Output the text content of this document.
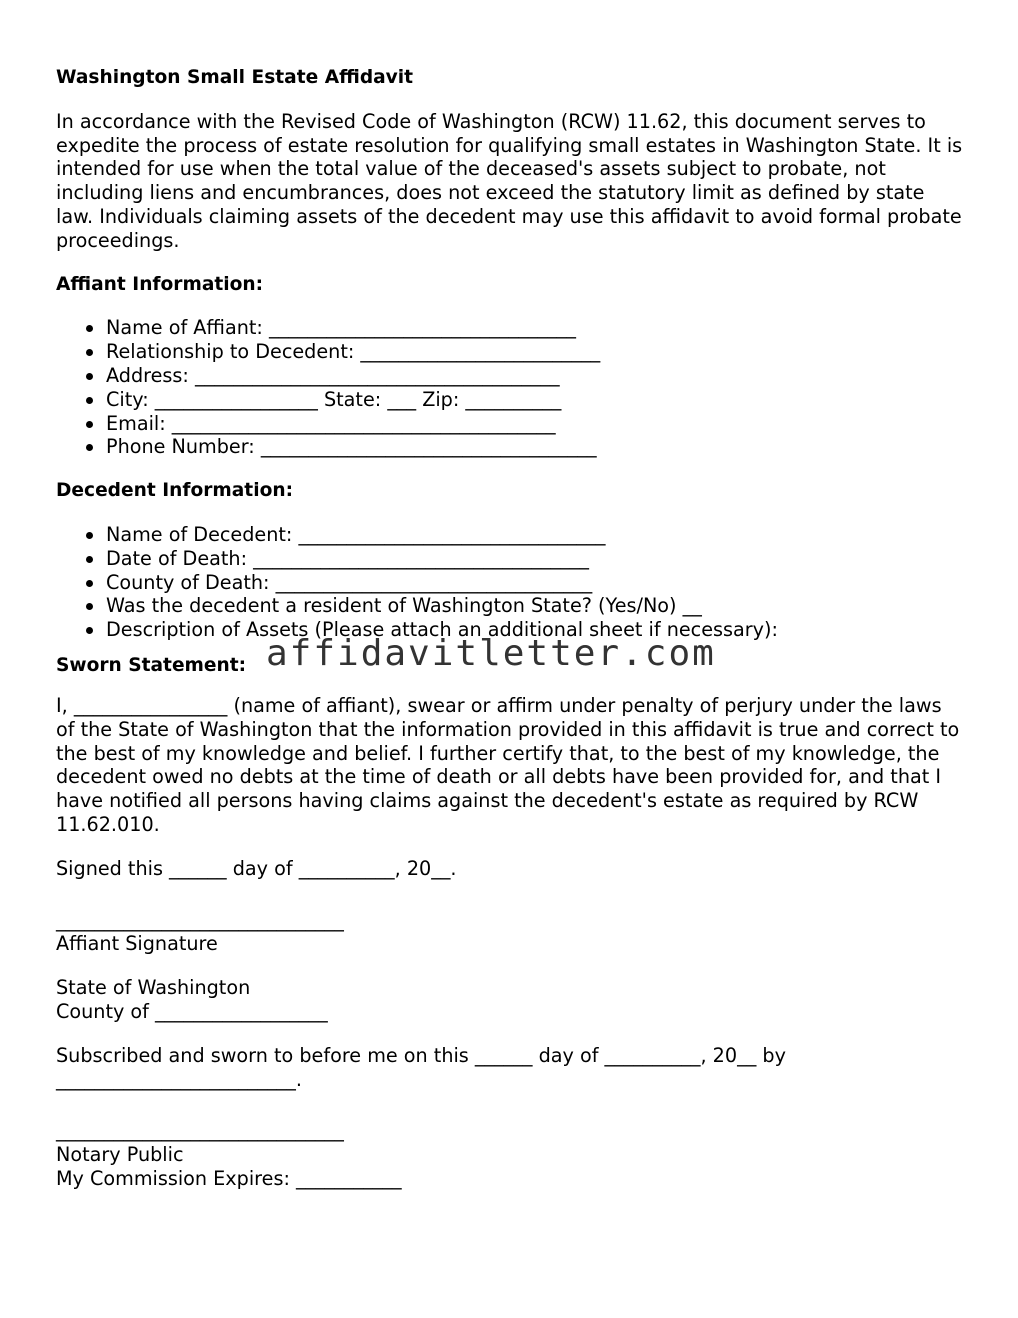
Washington Small Estate Affidavit

In accordance with the Revised Code of Washington (RCW) 11.62, this document serves to expedite the process of estate resolution for qualifying small estates in Washington State. It is intended for use when the total value of the deceased's assets subject to probate, not including liens and encumbrances, does not exceed the statutory limit as defined by state law. Individuals claiming assets of the decedent may use this affidavit to avoid formal probate proceedings.

Affiant Information:
Name of Affiant: ________________________________
Relationship to Decedent: _________________________
Address: ______________________________________
City: _________________ State: ___ Zip: __________
Email: ________________________________________
Phone Number: ___________________________________
Decedent Information:
Name of Decedent: ________________________________
Date of Death: ___________________________________
County of Death: _________________________________
Was the decedent a resident of Washington State? (Yes/No) __
Description of Assets (Please attach an additional sheet if necessary):
Sworn Statement: affidavitletter.com

I, ________________ (name of affiant), swear or affirm under penalty of perjury under the laws of the State of Washington that the information provided in this affidavit is true and correct to the best of my knowledge and belief. I further certify that, to the best of my knowledge, the decedent owed no debts at the time of death or all debts have been provided for, and that I have notified all persons having claims against the decedent's estate as required by RCW 11.62.010.

Signed this ______ day of __________, 20__.

______________________________
Affiant Signature
State of Washington
County of __________________
Subscribed and sworn to before me on this ______ day of __________, 20__ by
_________________________.
______________________________
Notary Public
My Commission Expires: ___________
